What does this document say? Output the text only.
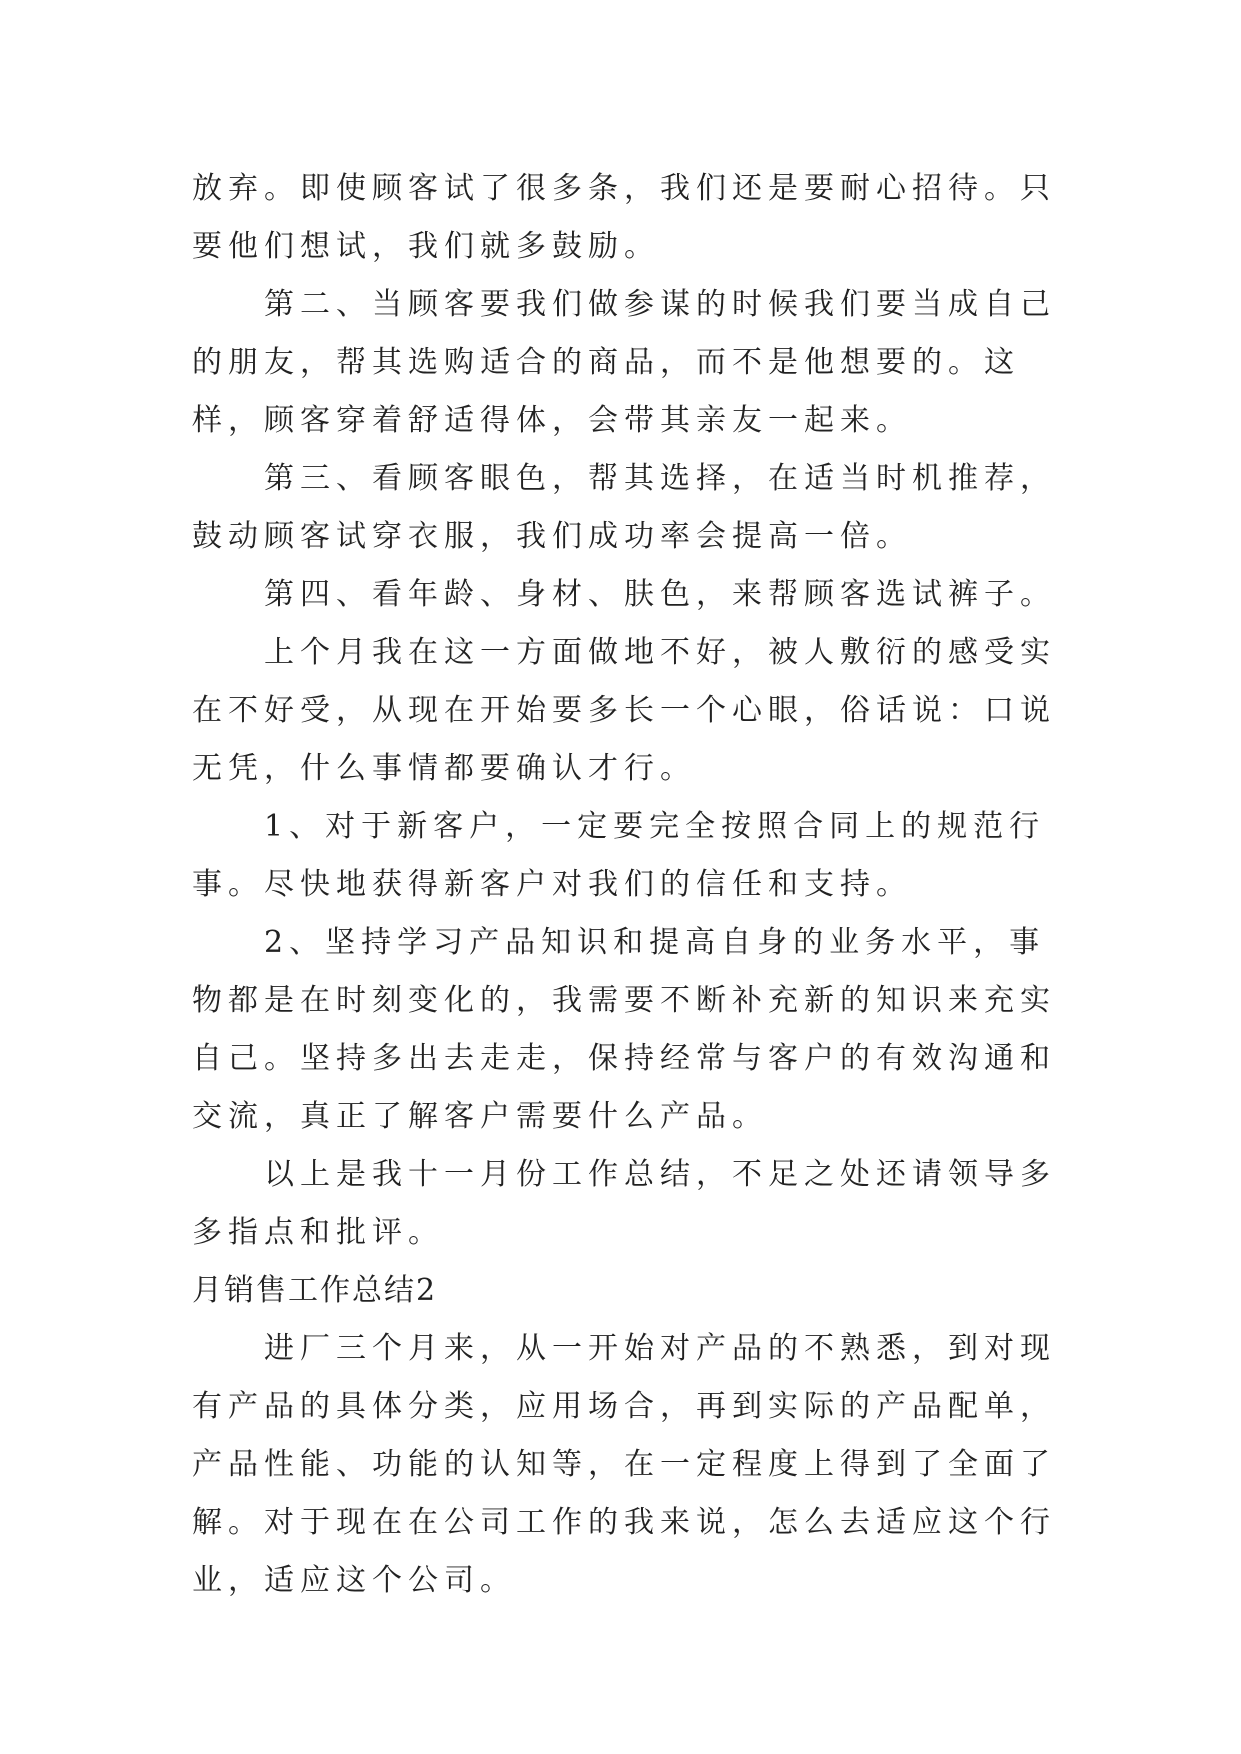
放弃。即使顾客试了很多条，我们还是要耐心招待。只要他们想试，我们就多鼓励。

第二、当顾客要我们做参谋的时候我们要当成自己的朋友，帮其选购适合的商品，而不是他想要的。这样，顾客穿着舒适得体，会带其亲友一起来。

第三、看顾客眼色，帮其选择，在适当时机推荐，鼓动顾客试穿衣服，我们成功率会提高一倍。

第四、看年龄、身材、肤色，来帮顾客选试裤子。

上个月我在这一方面做地不好，被人敷衍的感受实在不好受，从现在开始要多长一个心眼，俗话说：口说无凭，什么事情都要确认才行。

1、对于新客户，一定要完全按照合同上的规范行事。尽快地获得新客户对我们的信任和支持。

2、坚持学习产品知识和提高自身的业务水平，事物都是在时刻变化的，我需要不断补充新的知识来充实自己。坚持多出去走走，保持经常与客户的有效沟通和交流，真正了解客户需要什么产品。

以上是我十一月份工作总结，不足之处还请领导多多指点和批评。

月销售工作总结2

进厂三个月来，从一开始对产品的不熟悉，到对现有产品的具体分类，应用场合，再到实际的产品配单，产品性能、功能的认知等，在一定程度上得到了全面了解。对于现在在公司工作的我来说，怎么去适应这个行业，适应这个公司。
